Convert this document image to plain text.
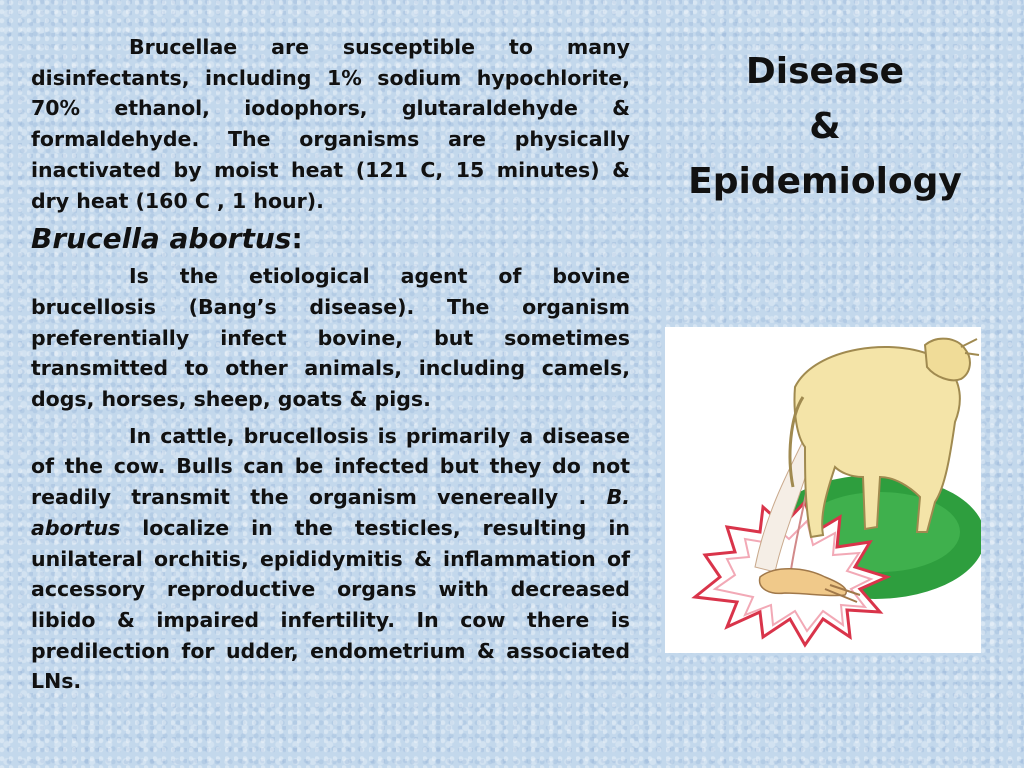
Brucellae are susceptible to many disinfectants, including 1% sodium hypochlorite, 70% ethanol, iodophors, glutaraldehyde & formaldehyde. The organisms are physically inactivated by moist heat (121 C, 15 minutes) & dry heat (160 C , 1 hour).

Brucella abortus:

Is the etiological agent of bovine brucellosis (Bang’s disease). The organism preferentially infect bovine, but sometimes transmitted to other animals, including camels, dogs, horses, sheep, goats & pigs.

In cattle, brucellosis is primarily a disease of the cow. Bulls can be infected but they do not readily transmit the organism venereally . B. abortus localize in the testicles, resulting in unilateral orchitis, epididymitis & inflammation of accessory reproductive organs with decreased libido & impaired infertility. In cow there is predilection for udder, endometrium & associated LNs.

Disease
&
Epidemiology
